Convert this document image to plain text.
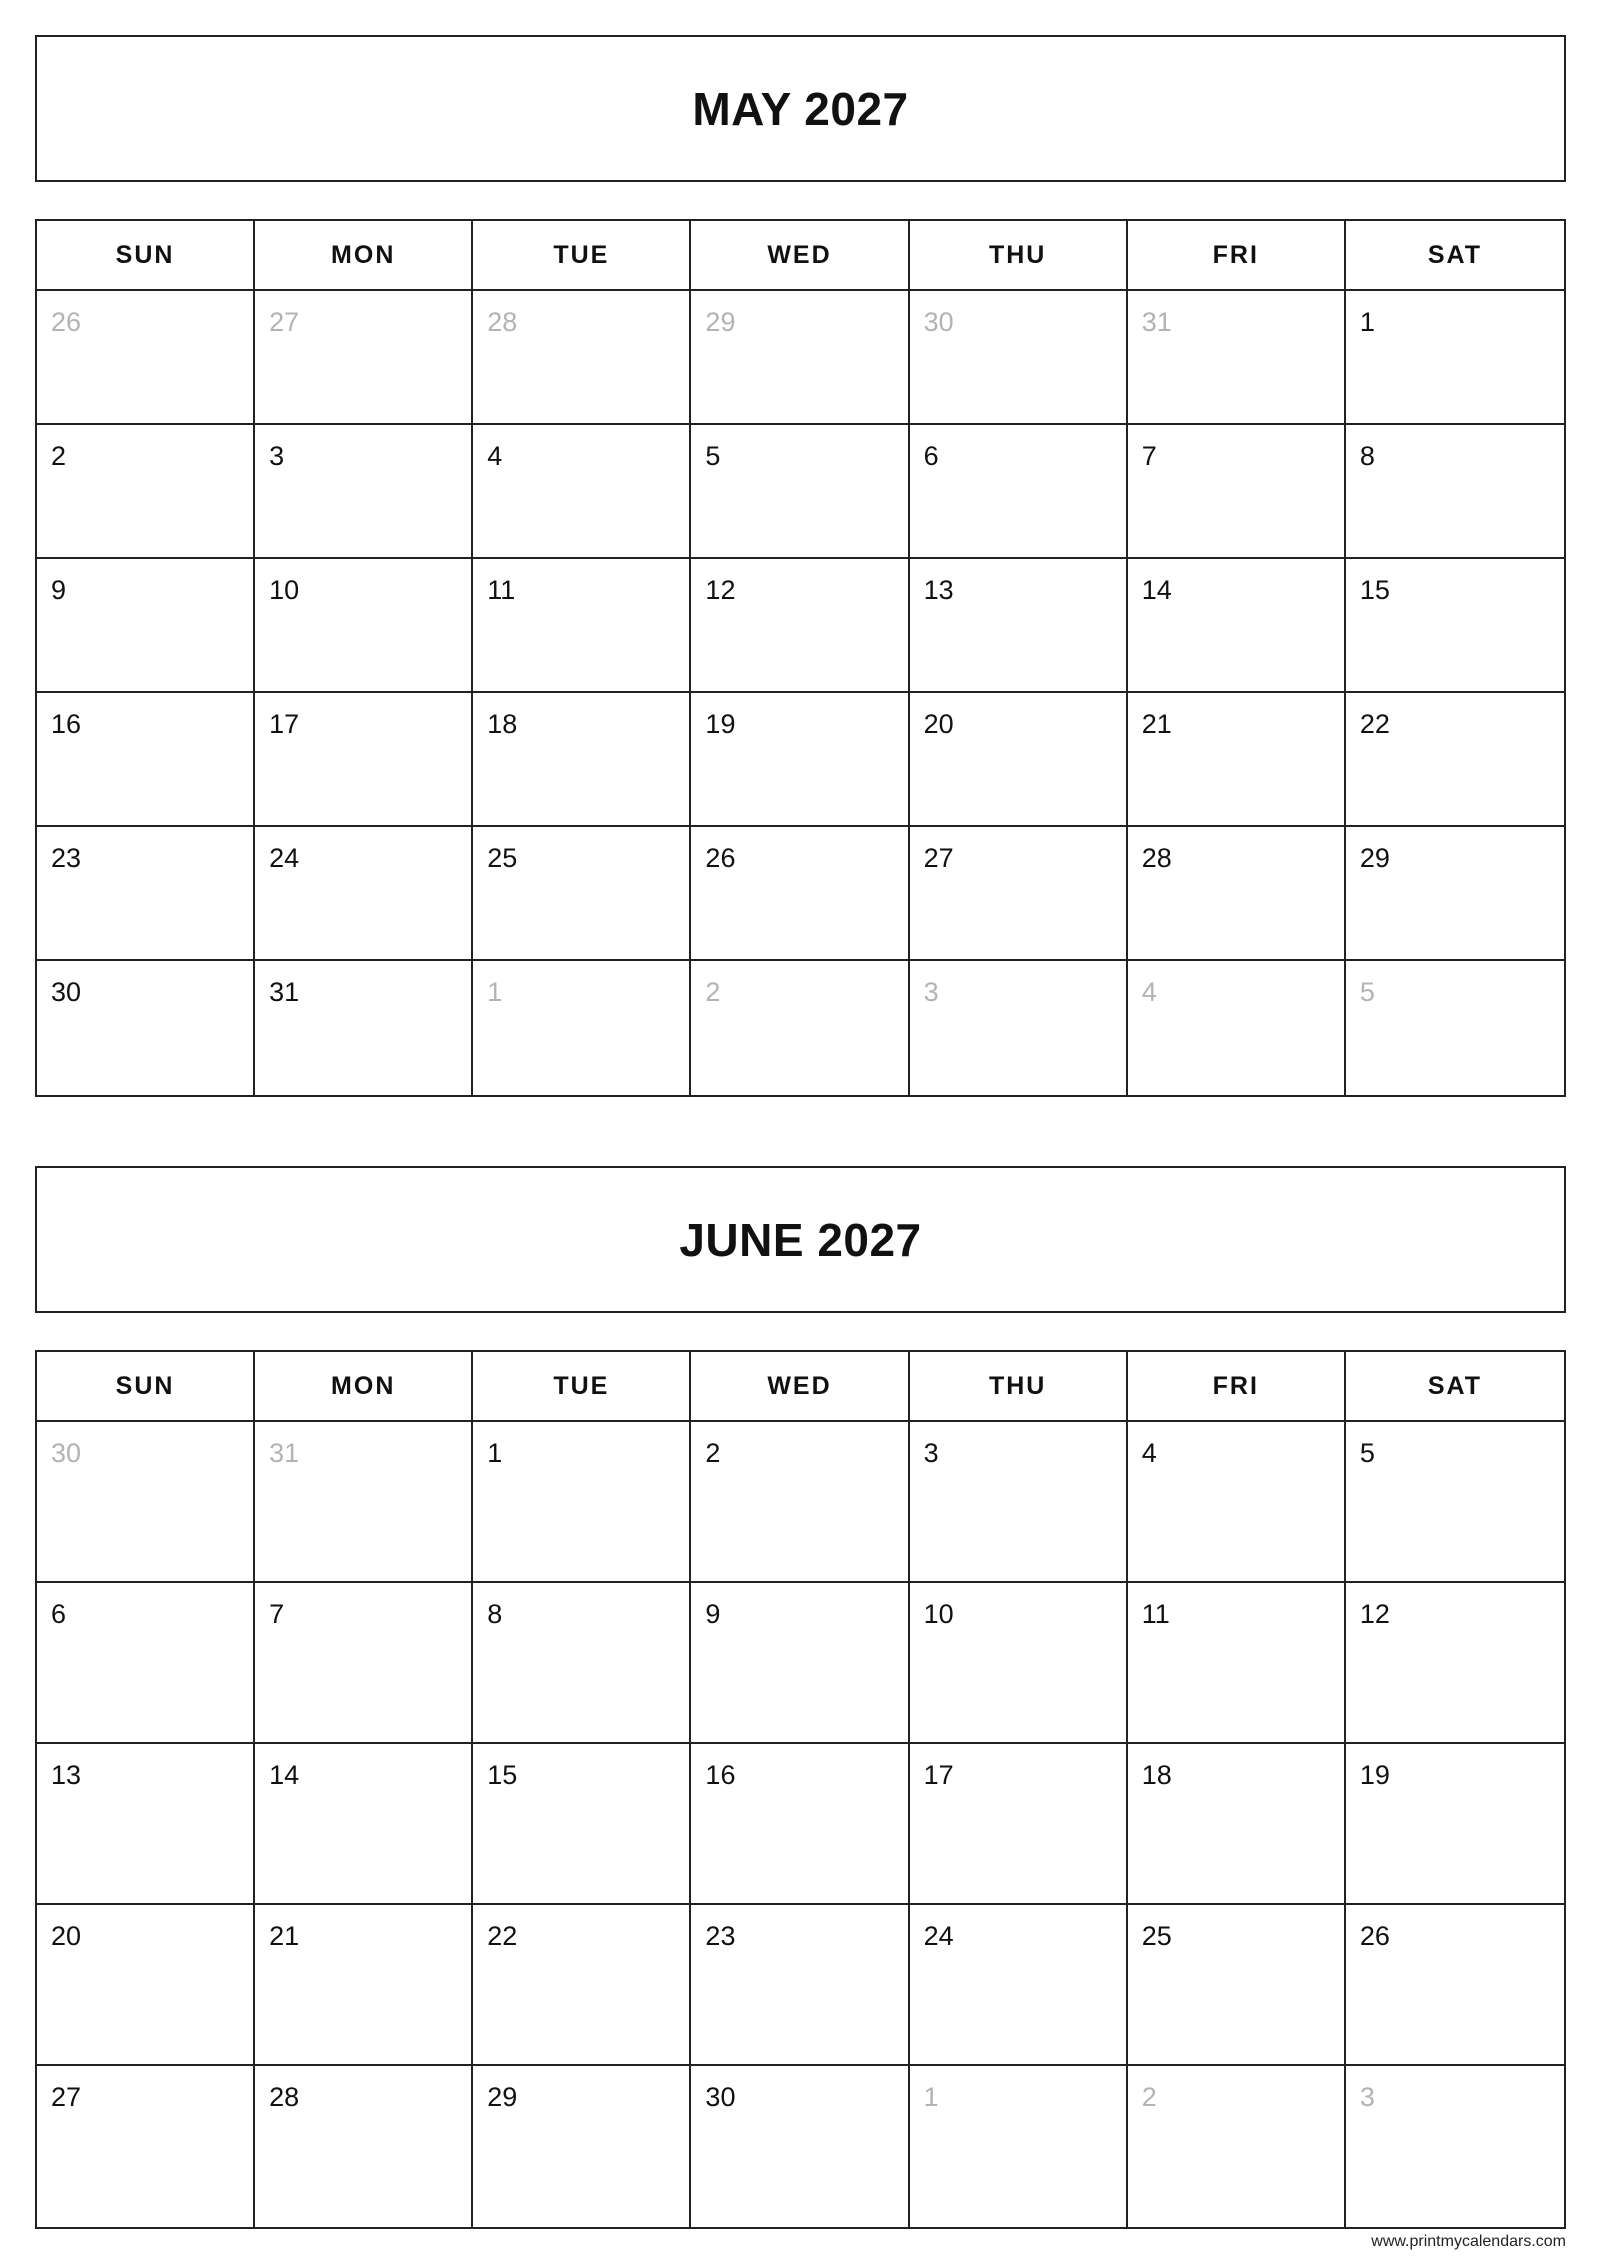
MAY 2027
SUN	MON	TUE	WED	THU	FRI	SAT
26	27	28	29	30	31	1
2	3	4	5	6	7	8
9	10	11	12	13	14	15
16	17	18	19	20	21	22
23	24	25	26	27	28	29
30	31	1	2	3	4	5
JUNE 2027
SUN	MON	TUE	WED	THU	FRI	SAT
30	31	1	2	3	4	5
6	7	8	9	10	11	12
13	14	15	16	17	18	19
20	21	22	23	24	25	26
27	28	29	30	1	2	3
www.printmycalendars.com
